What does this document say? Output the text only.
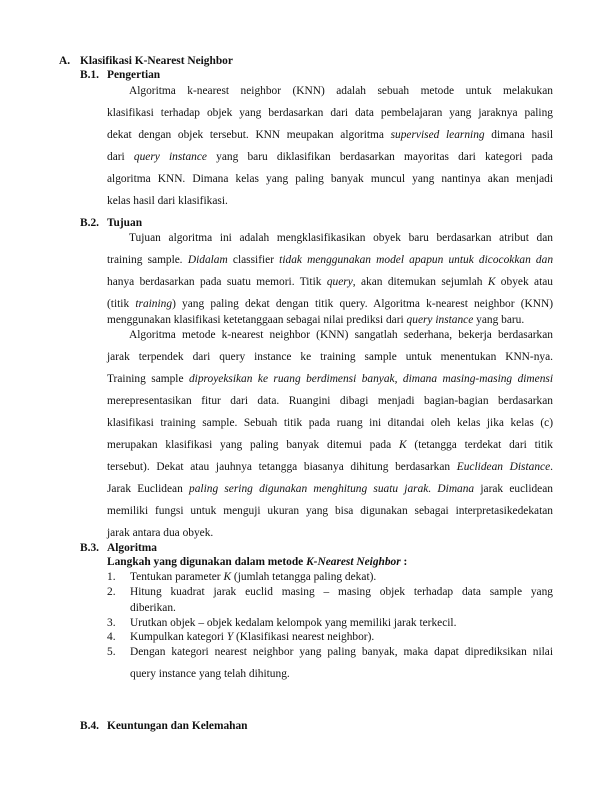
A. Klasifikasi K-Nearest Neighbor
B.1. Pengertian
Algoritma k-nearest neighbor (KNN) adalah sebuah metode untuk melakukan
klasifikasi terhadap objek yang berdasarkan dari data pembelajaran yang jaraknya paling
dekat dengan objek tersebut. KNN meupakan algoritma supervised learning dimana hasil
dari query instance yang baru diklasifikan berdasarkan mayoritas dari kategori pada
algoritma KNN. Dimana kelas yang paling banyak muncul yang nantinya akan menjadi
kelas hasil dari klasifikasi.
B.2. Tujuan
Tujuan algoritma ini adalah mengklasifikasikan obyek baru berdasarkan atribut dan
training sample. Didalam classifier tidak menggunakan model apapun untuk dicocokkan dan
hanya berdasarkan pada suatu memori. Titik query, akan ditemukan sejumlah K obyek atau
(titik training) yang paling dekat dengan titik query. Algoritma k-nearest neighbor (KNN)
menggunakan klasifikasi ketetanggaan sebagai nilai prediksi dari query instance yang baru.
Algoritma metode k-nearest neighbor (KNN) sangatlah sederhana, bekerja berdasarkan
jarak terpendek dari query instance ke training sample untuk menentukan KNN-nya.
Training sample diproyeksikan ke ruang berdimensi banyak, dimana masing-masing dimensi
merepresentasikan fitur dari data. Ruangini dibagi menjadi bagian-bagian berdasarkan
klasifikasi training sample. Sebuah titik pada ruang ini ditandai oleh kelas jika kelas (c)
merupakan klasifikasi yang paling banyak ditemui pada K (tetangga terdekat dari titik
tersebut). Dekat atau jauhnya tetangga biasanya dihitung berdasarkan Euclidean Distance.
Jarak Euclidean paling sering digunakan menghitung suatu jarak. Dimana jarak euclidean
memiliki fungsi untuk menguji ukuran yang bisa digunakan sebagai interpretasikedekatan
jarak antara dua obyek.
B.3. Algoritma
Langkah yang digunakan dalam metode K-Nearest Neighbor :
1. Tentukan parameter K (jumlah tetangga paling dekat).
2. Hitung kuadrat jarak euclid masing – masing objek terhadap data sample yang
diberikan.
3. Urutkan objek – objek kedalam kelompok yang memiliki jarak terkecil.
4. Kumpulkan kategori Y (Klasifikasi nearest neighbor).
5. Dengan kategori nearest neighbor yang paling banyak, maka dapat diprediksikan nilai
query instance yang telah dihitung.
B.4. Keuntungan dan Kelemahan
